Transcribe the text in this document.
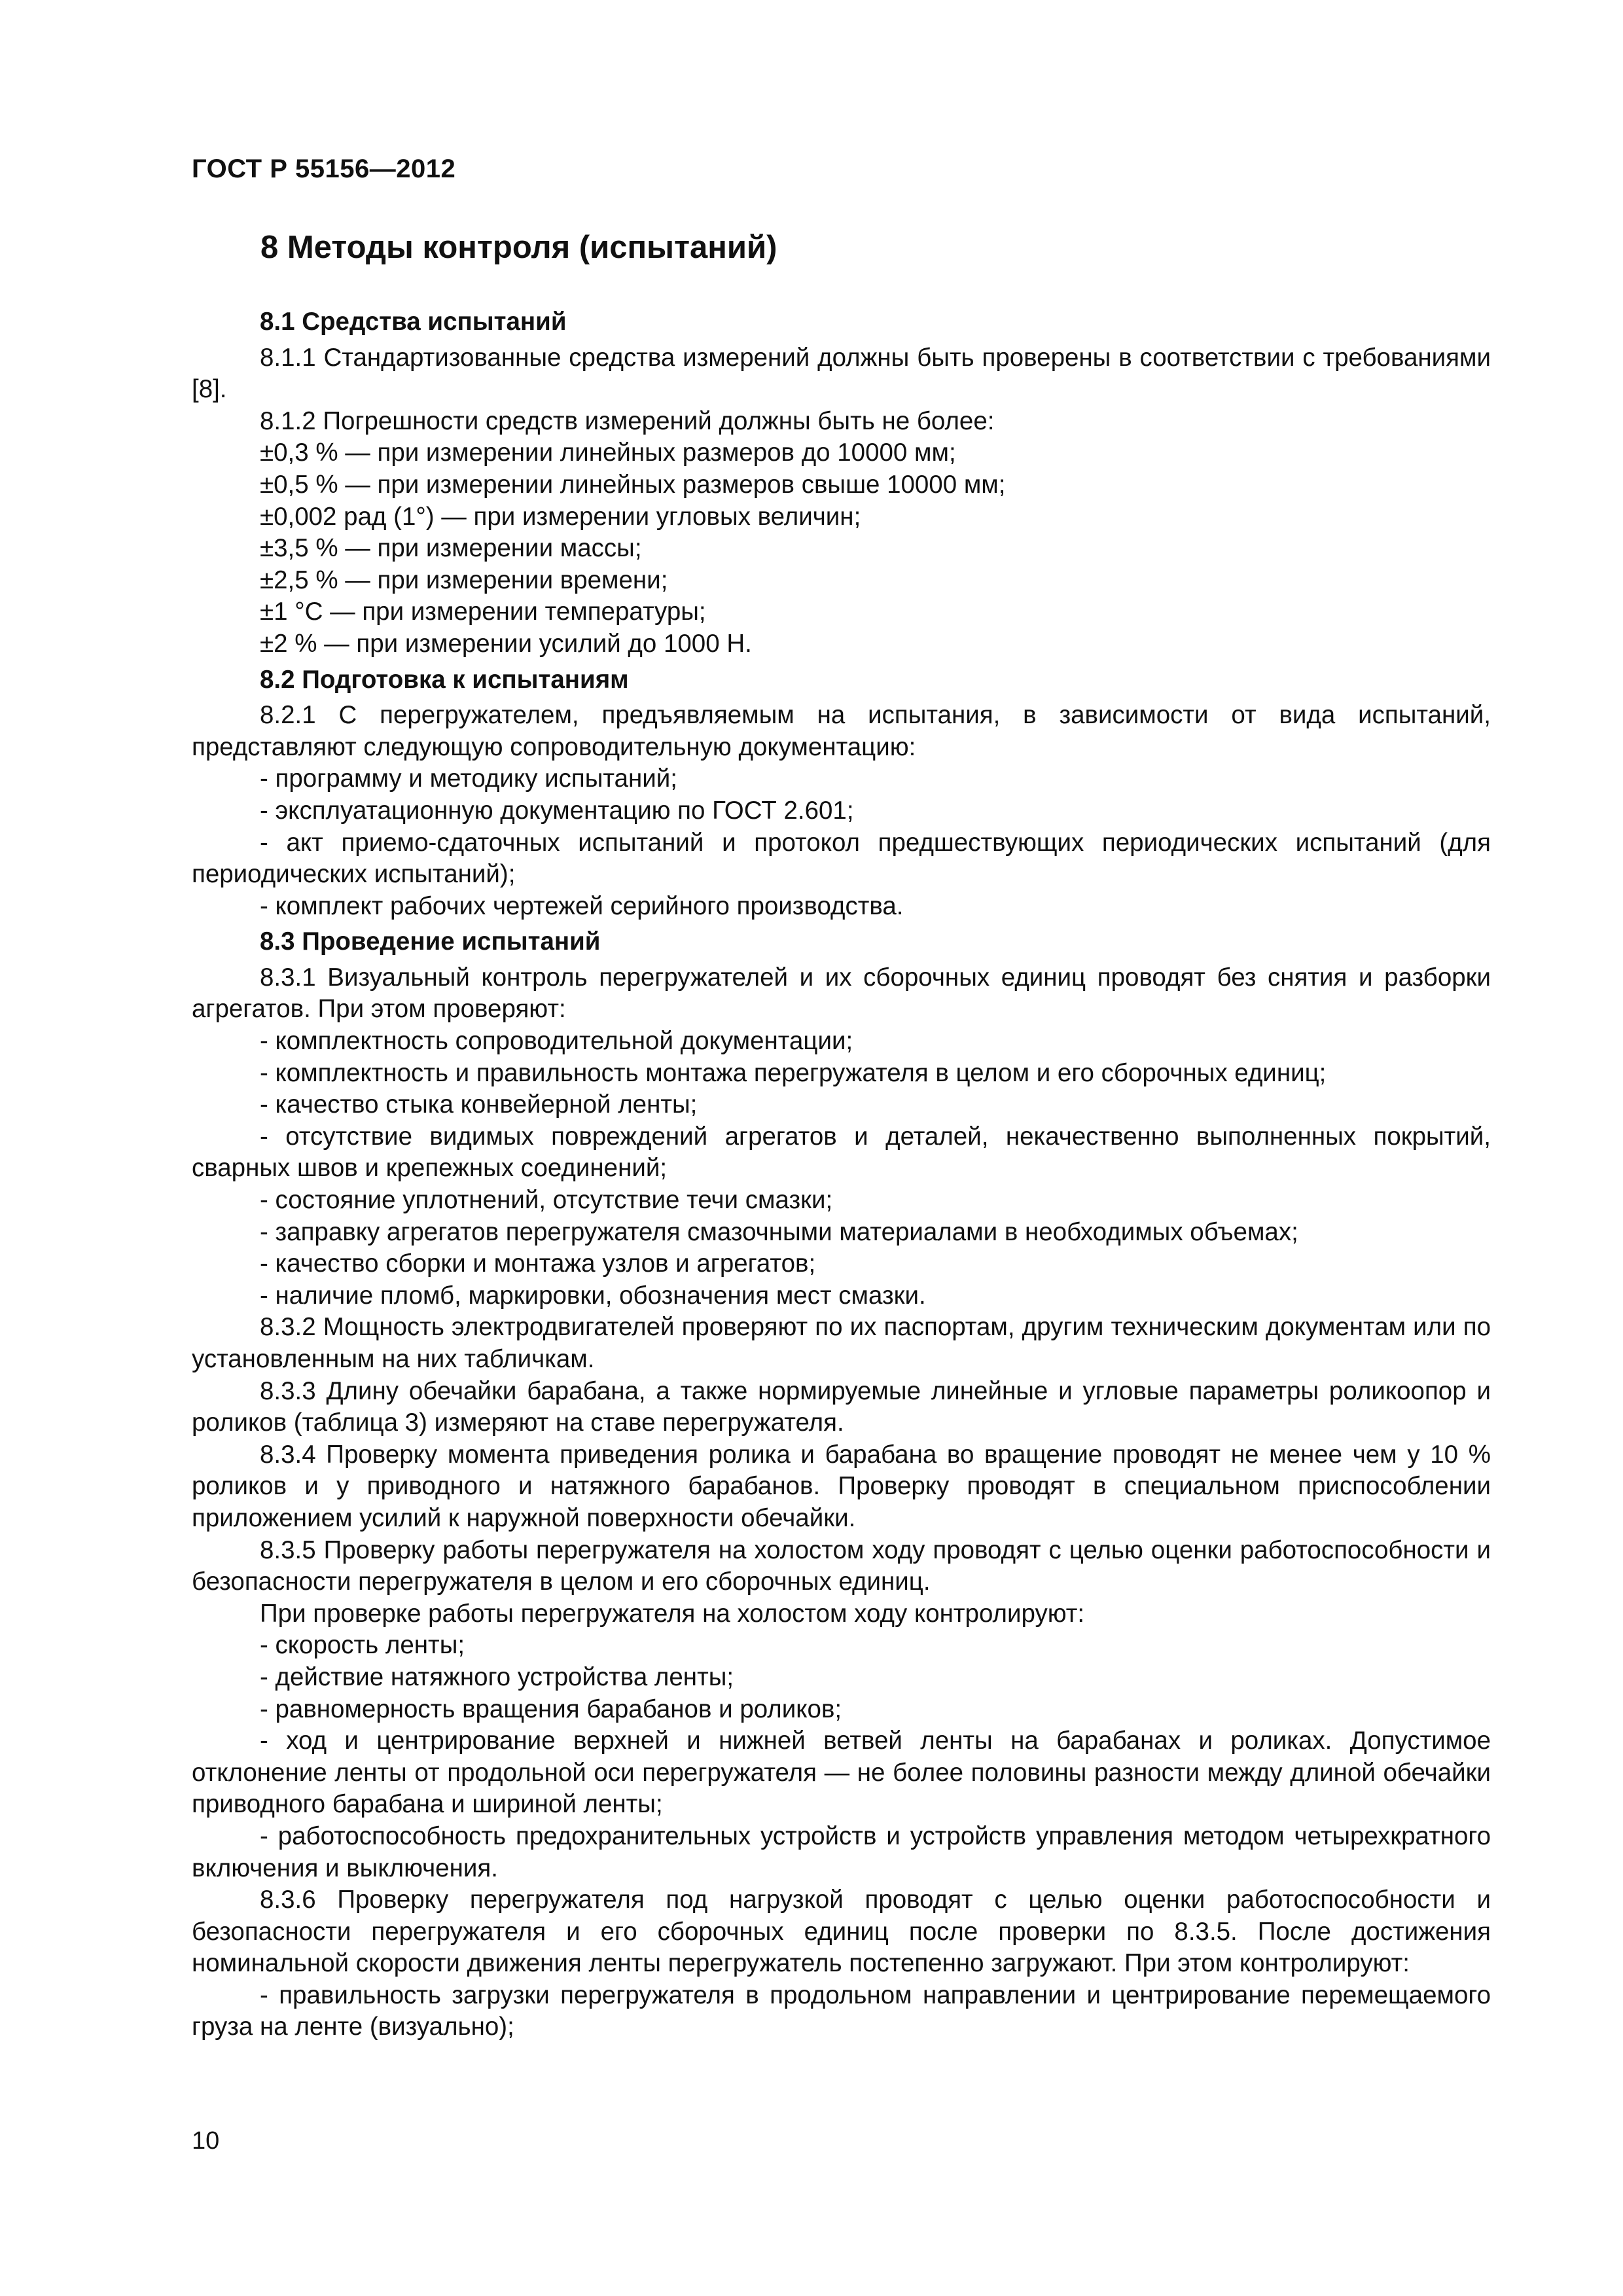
ГОСТ Р 55156—2012
8 Методы контроля (испытаний)

8.1 Средства испытаний

8.1.1 Стандартизованные средства измерений должны быть проверены в соответствии с требованиями [8].

8.1.2 Погрешности средств измерений должны быть не более:

±0,3 % — при измерении линейных размеров до 10000 мм;

±0,5 % — при измерении линейных размеров свыше 10000 мм;

±0,002 рад (1°) — при измерении угловых величин;

±3,5 % — при измерении массы;

±2,5 % — при измерении времени;

±1 °С — при измерении температуры;

±2 % — при измерении усилий до 1000 Н.

8.2 Подготовка к испытаниям

8.2.1 С перегружателем, предъявляемым на испытания, в зависимости от вида испытаний, представляют следующую сопроводительную документацию:

- программу и методику испытаний;

- эксплуатационную документацию по ГОСТ 2.601;

- акт приемо-сдаточных испытаний и протокол предшествующих периодических испытаний (для периодических испытаний);

- комплект рабочих чертежей серийного производства.

8.3 Проведение испытаний

8.3.1 Визуальный контроль перегружателей и их сборочных единиц проводят без снятия и разборки агрегатов. При этом проверяют:

- комплектность сопроводительной документации;

- комплектность и правильность монтажа перегружателя в целом и его сборочных единиц;

- качество стыка конвейерной ленты;

- отсутствие видимых повреждений агрегатов и деталей, некачественно выполненных покрытий, сварных швов и крепежных соединений;

- состояние уплотнений, отсутствие течи смазки;

- заправку агрегатов перегружателя смазочными материалами в необходимых объемах;

- качество сборки и монтажа узлов и агрегатов;

- наличие пломб, маркировки, обозначения мест смазки.

8.3.2 Мощность электродвигателей проверяют по их паспортам, другим техническим документам или по установленным на них табличкам.

8.3.3 Длину обечайки барабана, а также нормируемые линейные и угловые параметры роликоопор и роликов (таблица 3) измеряют на ставе перегружателя.

8.3.4 Проверку момента приведения ролика и барабана во вращение проводят не менее чем у 10 % роликов и у приводного и натяжного барабанов. Проверку проводят в специальном приспособлении приложением усилий к наружной поверхности обечайки.

8.3.5 Проверку работы перегружателя на холостом ходу проводят с целью оценки работоспособности и безопасности перегружателя в целом и его сборочных единиц.

При проверке работы перегружателя на холостом ходу контролируют:

- скорость ленты;

- действие натяжного устройства ленты;

- равномерность вращения барабанов и роликов;

- ход и центрирование верхней и нижней ветвей ленты на барабанах и роликах. Допустимое отклонение ленты от продольной оси перегружателя — не более половины разности между длиной обечайки приводного барабана и шириной ленты;

- работоспособность предохранительных устройств и устройств управления методом четырехкратного включения и выключения.

8.3.6 Проверку перегружателя под нагрузкой проводят с целью оценки работоспособности и безопасности перегружателя и его сборочных единиц после проверки по 8.3.5. После достижения номинальной скорости движения ленты перегружатель постепенно загружают. При этом контролируют:

- правильность загрузки перегружателя в продольном направлении и центрирование перемещаемого груза на ленте (визуально);

10
